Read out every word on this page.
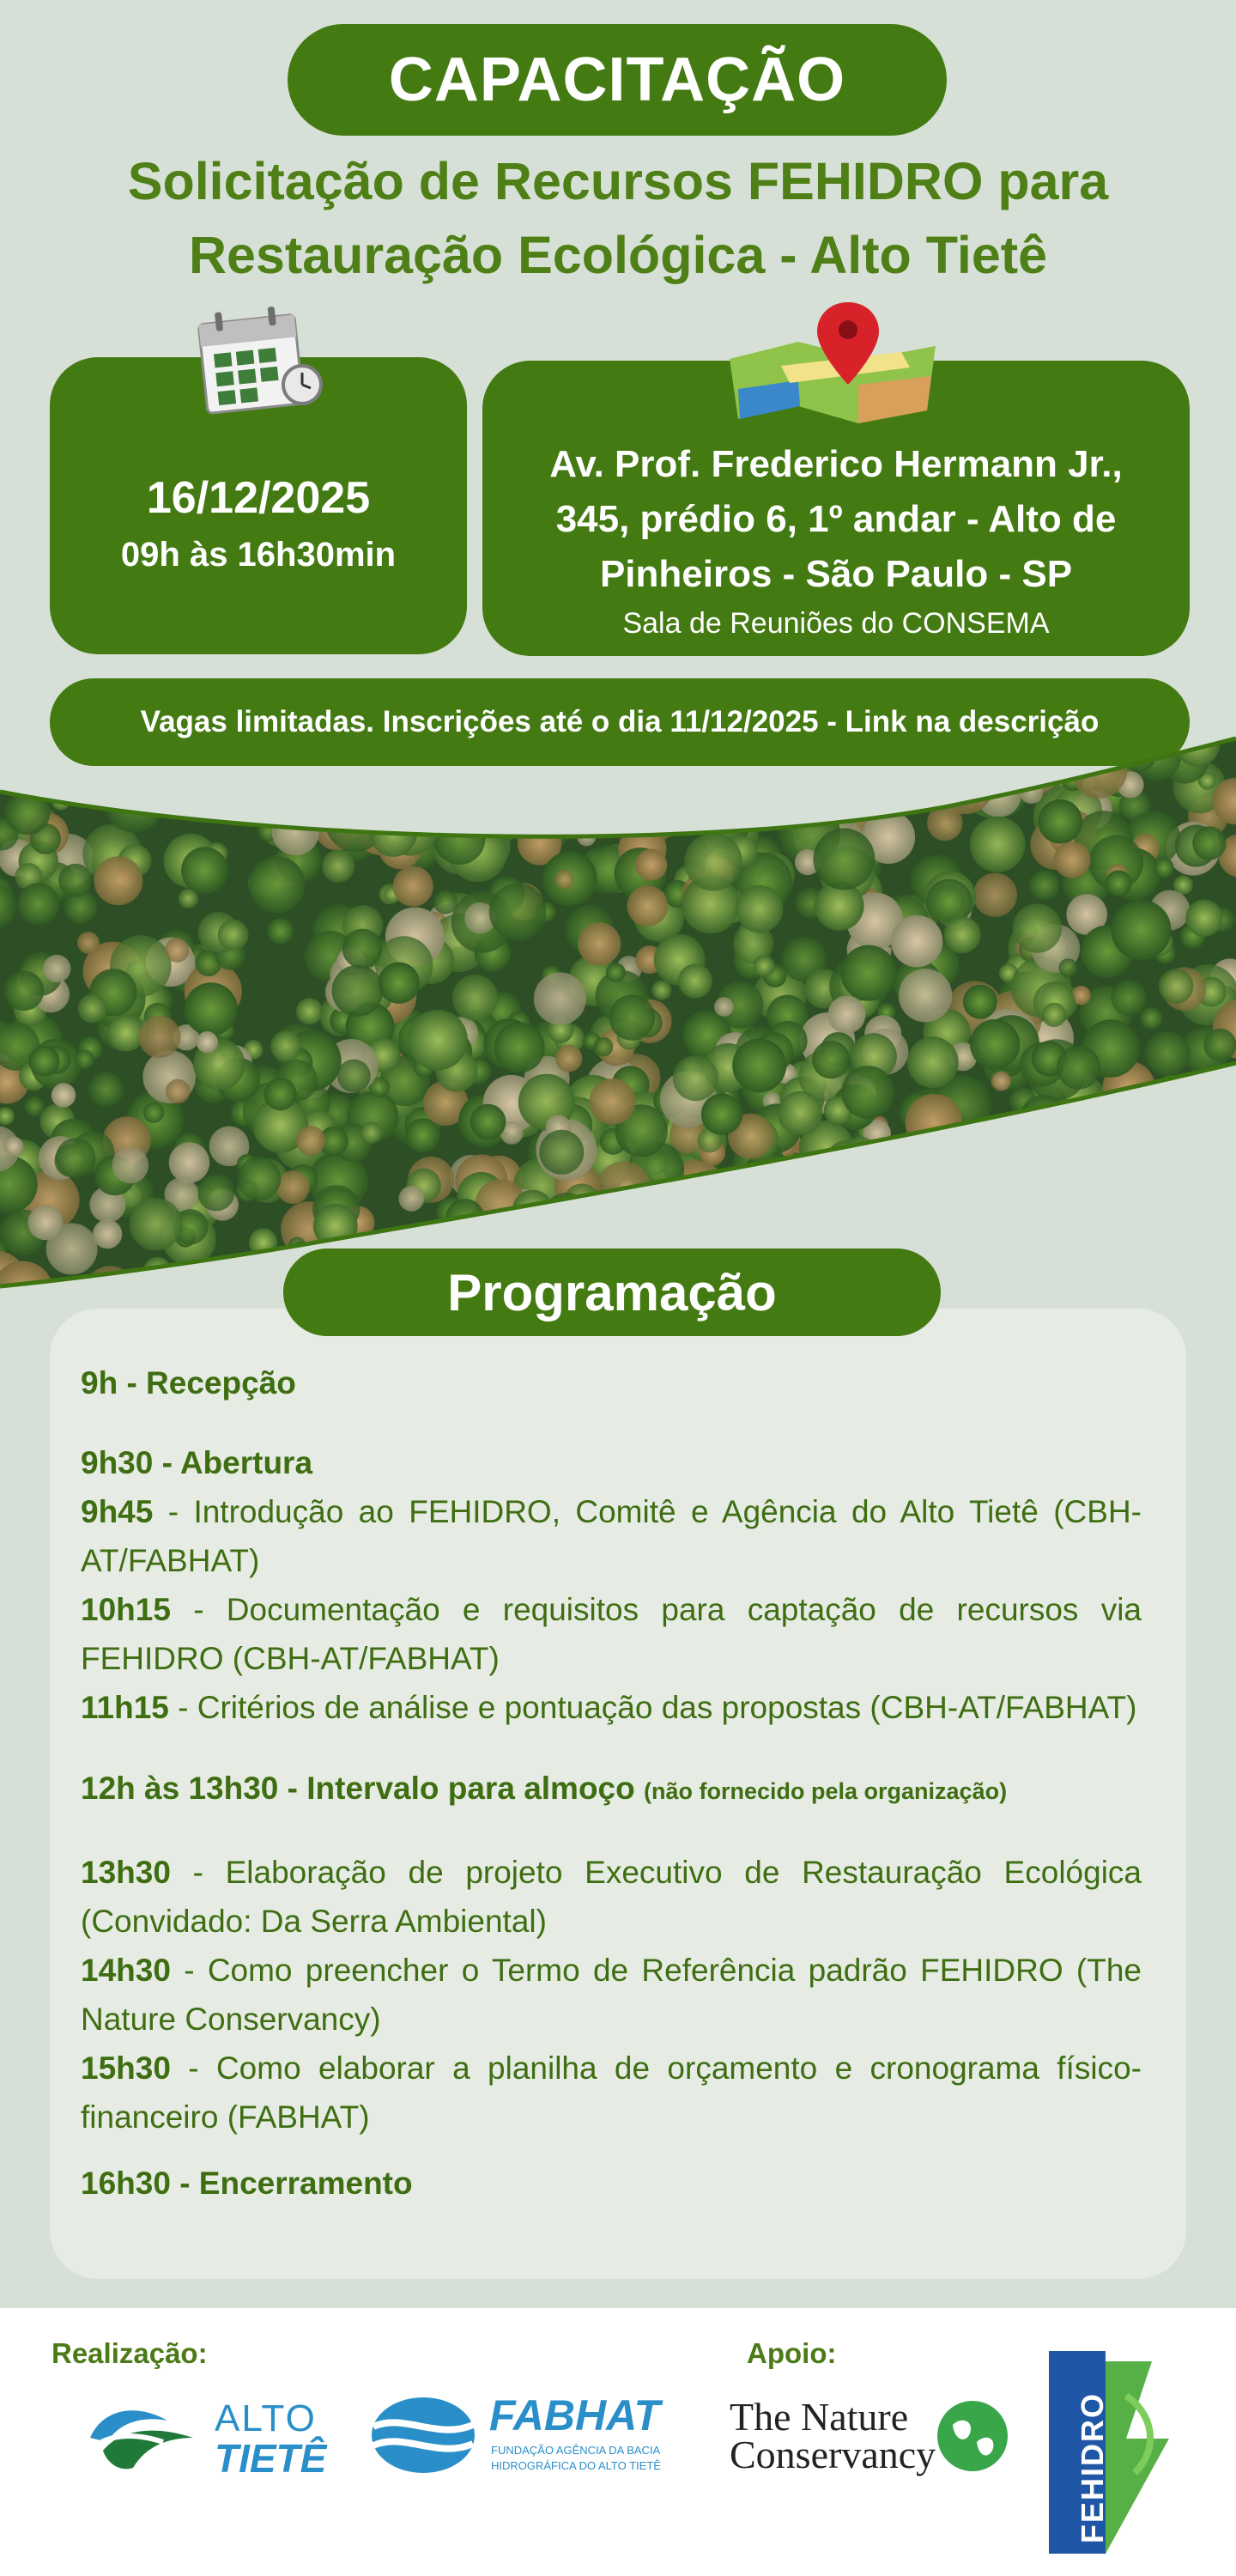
CAPACITAÇÃO
Solicitação de Recursos FEHIDRO para
Restauração Ecológica - Alto Tietê
16/12/2025
09h às 16h30min
Av. Prof. Frederico Hermann Jr., 345, prédio 6, 1º andar - Alto de Pinheiros - São Paulo - SP
Sala de Reuniões do CONSEMA
Vagas limitadas. Inscrições até o dia 11/12/2025 - Link na descrição
Programação

9h - Recepção

9h30 - Abertura

9h45 - Introdução ao FEHIDRO, Comitê e Agência do Alto Tietê (CBH-AT/FABHAT)

10h15 - Documentação e requisitos para captação de recursos via FEHIDRO (CBH-AT/FABHAT)

11h15 - Critérios de análise e pontuação das propostas (CBH-AT/FABHAT)

12h às 13h30 - Intervalo para almoço (não fornecido pela organização)

13h30 - Elaboração de projeto Executivo de Restauração Ecológica (Convidado: Da Serra Ambiental)

14h30 - Como preencher o Termo de Referência padrão FEHIDRO (The Nature Conservancy)

15h30 - Como elaborar a planilha de orçamento e cronograma físico-financeiro (FABHAT)

16h30 - Encerramento

Realização:	Apoio:
ALTO
TIETÊ
FABHAT
FUNDAÇÃO AGÊNCIA DA BACIA
HIDROGRÁFICA DO ALTO TIETÊ
The Nature
Conservancy	FEHIDRO
